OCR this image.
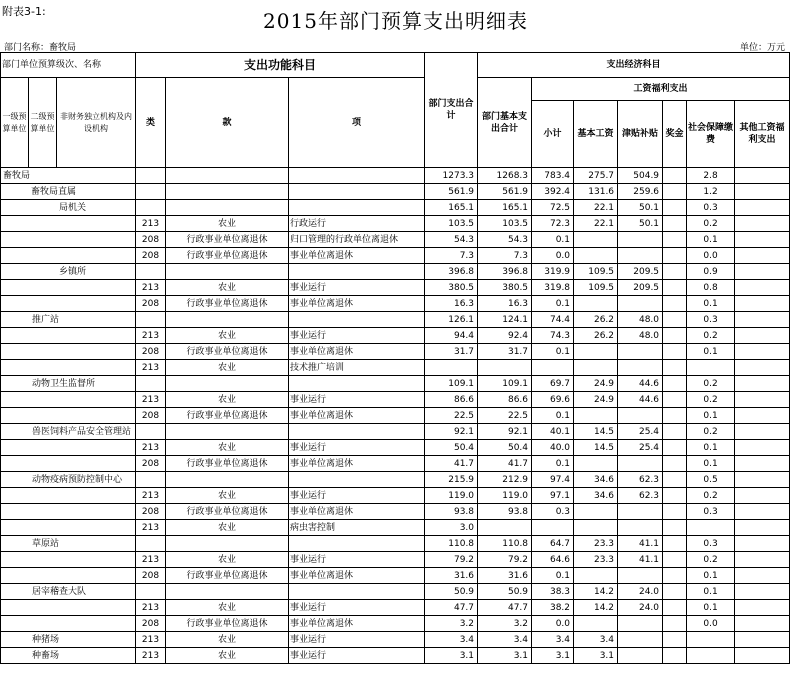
附表3-1:	2015年部门预算支出明细表
部门名称：畜牧局	单位：万元
部门单位预算级次、名称			支出功能科目			部门支出合计	支出经济科目						
一级预算单位	二级预算单位	非财务独立机构及内设机构	类	款	项		部门基本支出合计	工资福利支出					
								小计	基本工资	津贴补贴	奖金	社会保障缴费	其他工资福利支出
畜牧局						1273.3	1268.3	783.4	275.7	504.9		2.8	
畜牧局直属						561.9	561.9	392.4	131.6	259.6		1.2	
局机关						165.1	165.1	72.5	22.1	50.1		0.3	
			213	农业	行政运行	103.5	103.5	72.3	22.1	50.1		0.2	
			208	行政事业单位离退休	归口管理的行政单位离退休	54.3	54.3	0.1				0.1	
			208	行政事业单位离退休	事业单位离退休	7.3	7.3	0.0				0.0	
乡镇所						396.8	396.8	319.9	109.5	209.5		0.9	
			213	农业	事业运行	380.5	380.5	319.8	109.5	209.5		0.8	
			208	行政事业单位离退休	事业单位离退休	16.3	16.3	0.1				0.1	
推广站						126.1	124.1	74.4	26.2	48.0		0.3	
			213	农业	事业运行	94.4	92.4	74.3	26.2	48.0		0.2	
			208	行政事业单位离退休	事业单位离退休	31.7	31.7	0.1				0.1	
			213	农业	技术推广培训								
动物卫生监督所						109.1	109.1	69.7	24.9	44.6		0.2	
			213	农业	事业运行	86.6	86.6	69.6	24.9	44.6		0.2	
			208	行政事业单位离退休	事业单位离退休	22.5	22.5	0.1				0.1	
兽医饲料产品安全管理站						92.1	92.1	40.1	14.5	25.4		0.2	
			213	农业	事业运行	50.4	50.4	40.0	14.5	25.4		0.1	
			208	行政事业单位离退休	事业单位离退休	41.7	41.7	0.1				0.1	
动物疫病预防控制中心						215.9	212.9	97.4	34.6	62.3		0.5	
			213	农业	事业运行	119.0	119.0	97.1	34.6	62.3		0.2	
			208	行政事业单位离退休	事业单位离退休	93.8	93.8	0.3				0.3	
			213	农业	病虫害控制	3.0							
草原站						110.8	110.8	64.7	23.3	41.1		0.3	
			213	农业	事业运行	79.2	79.2	64.6	23.3	41.1		0.2	
			208	行政事业单位离退休	事业单位离退休	31.6	31.6	0.1				0.1	
居宰稽查大队						50.9	50.9	38.3	14.2	24.0		0.1	
			213	农业	事业运行	47.7	47.7	38.2	14.2	24.0		0.1	
			208	行政事业单位离退休	事业单位离退休	3.2	3.2	0.0				0.0	
种猪场			213	农业	事业运行	3.4	3.4	3.4	3.4				
种畜场			213	农业	事业运行	3.1	3.1	3.1	3.1				
